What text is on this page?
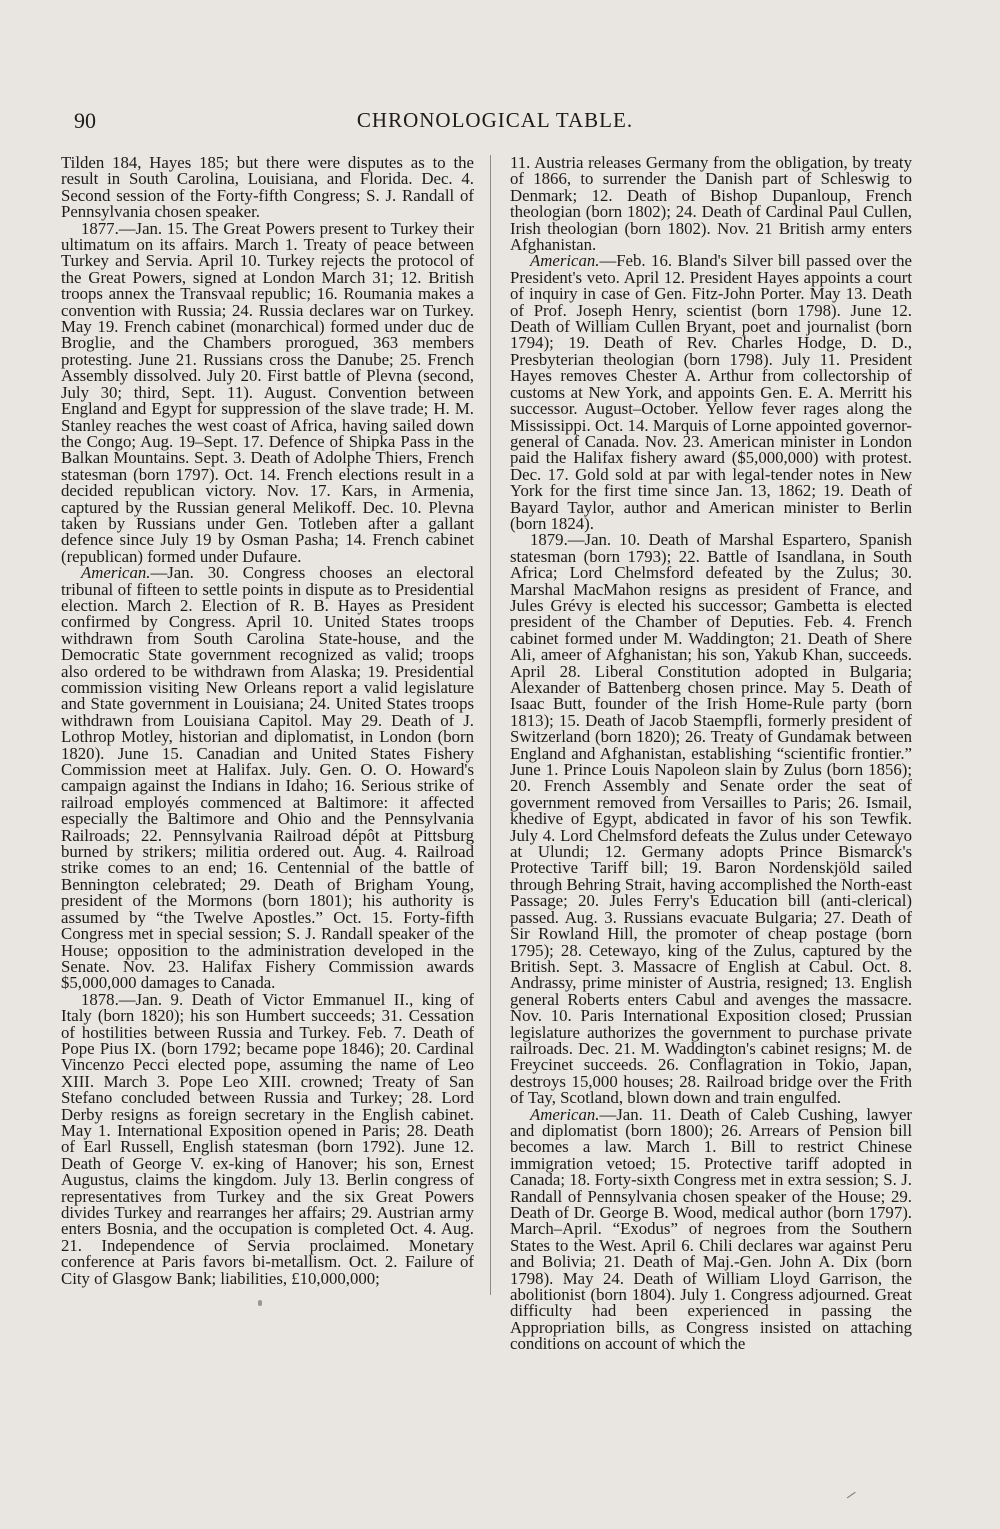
90	CHRONOLOGICAL TABLE.

Tilden 184, Hayes 185; but there were disputes as to the result in South Carolina, Louisiana, and Florida. Dec. 4. Second session of the Forty-fifth Congress; S. J. Randall of Pennsylvania chosen speaker.

1877.—Jan. 15. The Great Powers present to Turkey their ultimatum on its affairs. March 1. Treaty of peace between Turkey and Servia. April 10. Turkey rejects the protocol of the Great Powers, signed at London March 31; 12. British troops annex the Transvaal republic; 16. Roumania makes a convention with Russia; 24. Russia declares war on Turkey. May 19. French cabinet (monarchical) formed under duc de Broglie, and the Chambers prorogued, 363 members protesting. June 21. Russians cross the Danube; 25. French Assembly dissolved. July 20. First battle of Plevna (second, July 30; third, Sept. 11). August. Convention between England and Egypt for suppression of the slave trade; H. M. Stanley reaches the west coast of Africa, having sailed down the Congo; Aug. 19–Sept. 17. Defence of Shipka Pass in the Balkan Mountains. Sept. 3. Death of Adolphe Thiers, French statesman (born 1797). Oct. 14. French elections result in a decided republican victory. Nov. 17. Kars, in Armenia, captured by the Russian general Melikoff. Dec. 10. Plevna taken by Russians under Gen. Totleben after a gallant defence since July 19 by Osman Pasha; 14. French cabinet (republican) formed under Dufaure.

American.—Jan. 30. Congress chooses an electoral tribunal of fifteen to settle points in dispute as to Presidential election. March 2. Election of R. B. Hayes as President confirmed by Congress. April 10. United States troops withdrawn from South Carolina State-house, and the Democratic State government recognized as valid; troops also ordered to be withdrawn from Alaska; 19. Presidential commission visiting New Orleans report a valid legislature and State government in Louisiana; 24. United States troops withdrawn from Louisiana Capitol. May 29. Death of J. Lothrop Motley, historian and diplomatist, in London (born 1820). June 15. Canadian and United States Fishery Commission meet at Halifax. July. Gen. O. O. Howard's campaign against the Indians in Idaho; 16. Serious strike of railroad employés commenced at Baltimore: it affected especially the Baltimore and Ohio and the Pennsylvania Railroads; 22. Pennsylvania Railroad dépôt at Pittsburg burned by strikers; militia ordered out. Aug. 4. Railroad strike comes to an end; 16. Centennial of the battle of Bennington celebrated; 29. Death of Brigham Young, president of the Mormons (born 1801); his authority is assumed by “the Twelve Apostles.” Oct. 15. Forty-fifth Congress met in special session; S. J. Randall speaker of the House; opposition to the administration developed in the Senate. Nov. 23. Halifax Fishery Commission awards $5,000,000 damages to Canada.

1878.—Jan. 9. Death of Victor Emmanuel II., king of Italy (born 1820); his son Humbert succeeds; 31. Cessation of hostilities between Russia and Turkey. Feb. 7. Death of Pope Pius IX. (born 1792; became pope 1846); 20. Cardinal Vincenzo Pecci elected pope, assuming the name of Leo XIII. March 3. Pope Leo XIII. crowned; Treaty of San Stefano concluded between Russia and Turkey; 28. Lord Derby resigns as foreign secretary in the English cabinet. May 1. International Exposition opened in Paris; 28. Death of Earl Russell, English statesman (born 1792). June 12. Death of George V. ex-king of Hanover; his son, Ernest Augustus, claims the kingdom. July 13. Berlin congress of representatives from Turkey and the six Great Powers divides Turkey and rearranges her affairs; 29. Austrian army enters Bosnia, and the occupation is completed Oct. 4. Aug. 21. Independence of Servia proclaimed. Monetary conference at Paris favors bi-metallism. Oct. 2. Failure of City of Glasgow Bank; liabilities, £10,000,000;

11. Austria releases Germany from the obligation, by treaty of 1866, to surrender the Danish part of Schleswig to Denmark; 12. Death of Bishop Dupanloup, French theologian (born 1802); 24. Death of Cardinal Paul Cullen, Irish theologian (born 1802). Nov. 21 British army enters Afghanistan.

American.—Feb. 16. Bland's Silver bill passed over the President's veto. April 12. President Hayes appoints a court of inquiry in case of Gen. Fitz-John Porter. May 13. Death of Prof. Joseph Henry, scientist (born 1798). June 12. Death of William Cullen Bryant, poet and journalist (born 1794); 19. Death of Rev. Charles Hodge, D. D., Presbyterian theologian (born 1798). July 11. President Hayes removes Chester A. Arthur from collectorship of customs at New York, and appoints Gen. E. A. Merritt his successor. August–October. Yellow fever rages along the Mississippi. Oct. 14. Marquis of Lorne appointed governor-general of Canada. Nov. 23. American minister in London paid the Halifax fishery award ($5,000,000) with protest. Dec. 17. Gold sold at par with legal-tender notes in New York for the first time since Jan. 13, 1862; 19. Death of Bayard Taylor, author and American minister to Berlin (born 1824).

1879.—Jan. 10. Death of Marshal Espartero, Spanish statesman (born 1793); 22. Battle of Isandlana, in South Africa; Lord Chelmsford defeated by the Zulus; 30. Marshal MacMahon resigns as president of France, and Jules Grévy is elected his successor; Gambetta is elected president of the Chamber of Deputies. Feb. 4. French cabinet formed under M. Waddington; 21. Death of Shere Ali, ameer of Afghanistan; his son, Yakub Khan, succeeds. April 28. Liberal Constitution adopted in Bulgaria; Alexander of Battenberg chosen prince. May 5. Death of Isaac Butt, founder of the Irish Home-Rule party (born 1813); 15. Death of Jacob Staempfli, formerly president of Switzerland (born 1820); 26. Treaty of Gundamak between England and Afghanistan, establishing “scientific frontier.” June 1. Prince Louis Napoleon slain by Zulus (born 1856); 20. French Assembly and Senate order the seat of government removed from Versailles to Paris; 26. Ismail, khedive of Egypt, abdicated in favor of his son Tewfik. July 4. Lord Chelmsford defeats the Zulus under Cetewayo at Ulundi; 12. Germany adopts Prince Bismarck's Protective Tariff bill; 19. Baron Nordenskjöld sailed through Behring Strait, having accomplished the North-east Passage; 20. Jules Ferry's Education bill (anti-clerical) passed. Aug. 3. Russians evacuate Bulgaria; 27. Death of Sir Rowland Hill, the promoter of cheap postage (born 1795); 28. Cetewayo, king of the Zulus, captured by the British. Sept. 3. Massacre of English at Cabul. Oct. 8. Andrassy, prime minister of Austria, resigned; 13. English general Roberts enters Cabul and avenges the massacre. Nov. 10. Paris International Exposition closed; Prussian legislature authorizes the government to purchase private railroads. Dec. 21. M. Waddington's cabinet resigns; M. de Freycinet succeeds. 26. Conflagration in Tokio, Japan, destroys 15,000 houses; 28. Railroad bridge over the Frith of Tay, Scotland, blown down and train engulfed.

American.—Jan. 11. Death of Caleb Cushing, lawyer and diplomatist (born 1800); 26. Arrears of Pension bill becomes a law. March 1. Bill to restrict Chinese immigration vetoed; 15. Protective tariff adopted in Canada; 18. Forty-sixth Congress met in extra session; S. J. Randall of Pennsylvania chosen speaker of the House; 29. Death of Dr. George B. Wood, medical author (born 1797). March–April. “Exodus” of negroes from the Southern States to the West. April 6. Chili declares war against Peru and Bolivia; 21. Death of Maj.-Gen. John A. Dix (born 1798). May 24. Death of William Lloyd Garrison, the abolitionist (born 1804). July 1. Congress adjourned. Great difficulty had been experienced in passing the Appropriation bills, as Congress insisted on attaching conditions on account of which the
